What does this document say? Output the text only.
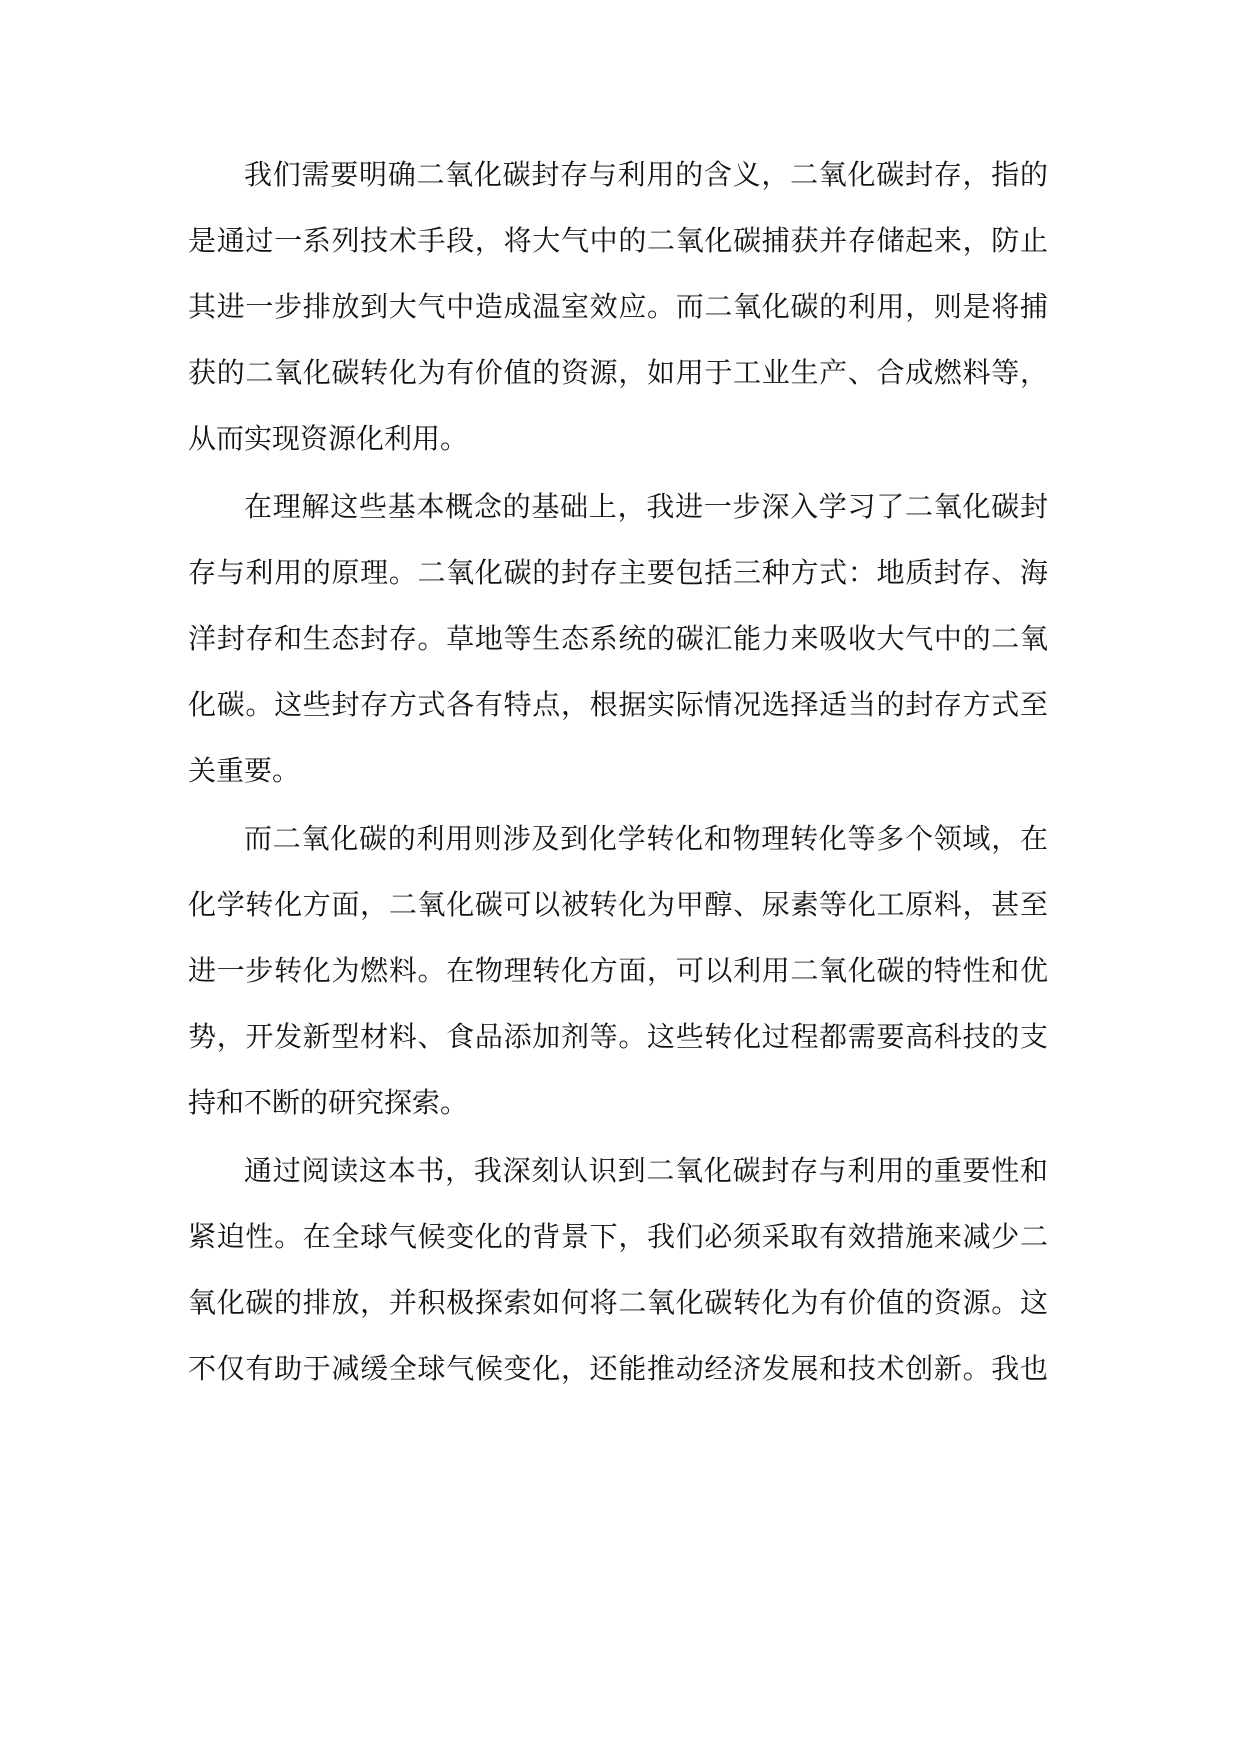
我们需要明确二氧化碳封存与利用的含义，二氧化碳封存，指的
是通过一系列技术手段，将大气中的二氧化碳捕获并存储起来，防止
其进一步排放到大气中造成温室效应。而二氧化碳的利用，则是将捕
获的二氧化碳转化为有价值的资源，如用于工业生产、合成燃料等，
从而实现资源化利用。
在理解这些基本概念的基础上，我进一步深入学习了二氧化碳封
存与利用的原理。二氧化碳的封存主要包括三种方式：地质封存、海
洋封存和生态封存。草地等生态系统的碳汇能力来吸收大气中的二氧
化碳。这些封存方式各有特点，根据实际情况选择适当的封存方式至
关重要。
而二氧化碳的利用则涉及到化学转化和物理转化等多个领域，在
化学转化方面，二氧化碳可以被转化为甲醇、尿素等化工原料，甚至
进一步转化为燃料。在物理转化方面，可以利用二氧化碳的特性和优
势，开发新型材料、食品添加剂等。这些转化过程都需要高科技的支
持和不断的研究探索。
通过阅读这本书，我深刻认识到二氧化碳封存与利用的重要性和
紧迫性。在全球气候变化的背景下，我们必须采取有效措施来减少二
氧化碳的排放，并积极探索如何将二氧化碳转化为有价值的资源。这
不仅有助于减缓全球气候变化，还能推动经济发展和技术创新。我也
